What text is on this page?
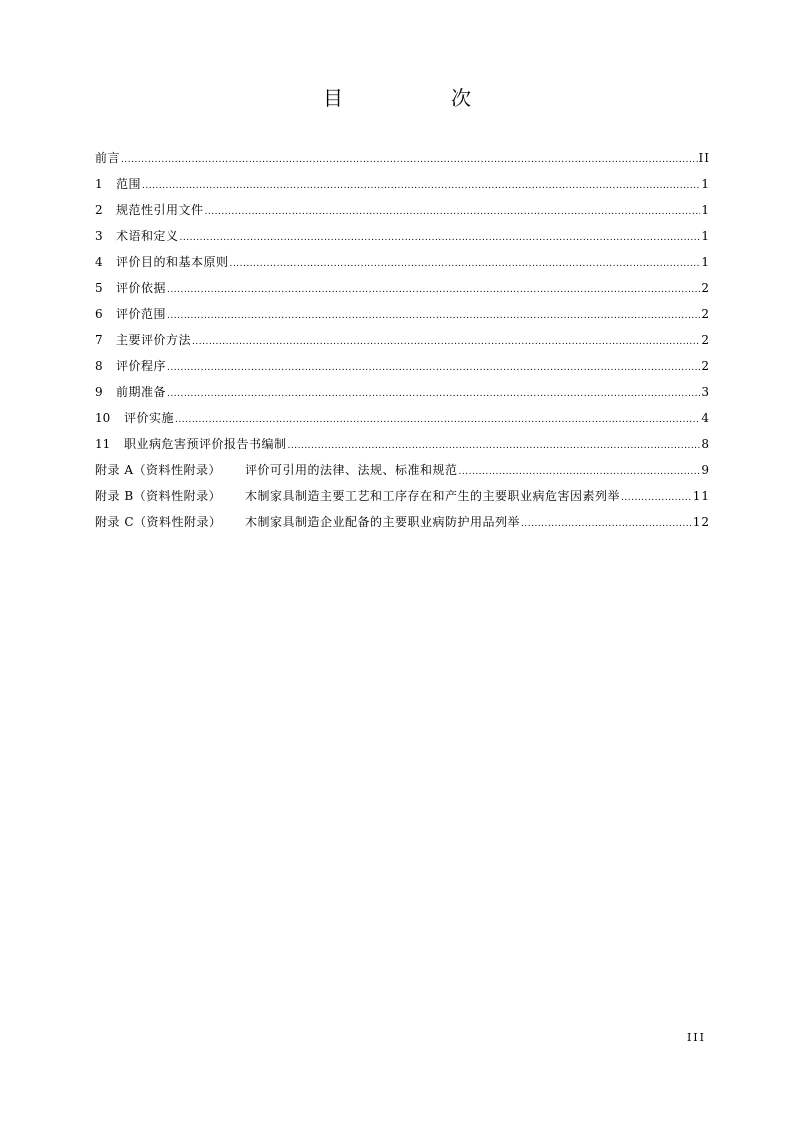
目　次
前言 .....	II
1	范围 .....	1
2	规范性引用文件 .....	1
3	术语和定义 .....	1
4	评价目的和基本原则 .....	1
5	评价依据 .....	2
6	评价范围 .....	2
7	主要评价方法 .....	2
8	评价程序 .....	2
9	前期准备 .....	3
10	评价实施 .....	4
11	职业病危害预评价报告书编制 .....	8
附录 A（资料性附录）	评价可引用的法律、法规、标准和规范 .....	9
附录 B（资料性附录）	木制家具制造主要工艺和工序存在和产生的主要职业病危害因素列举 .....	11
附录 C（资料性附录）	木制家具制造企业配备的主要职业病防护用品列举 .....	12
III
